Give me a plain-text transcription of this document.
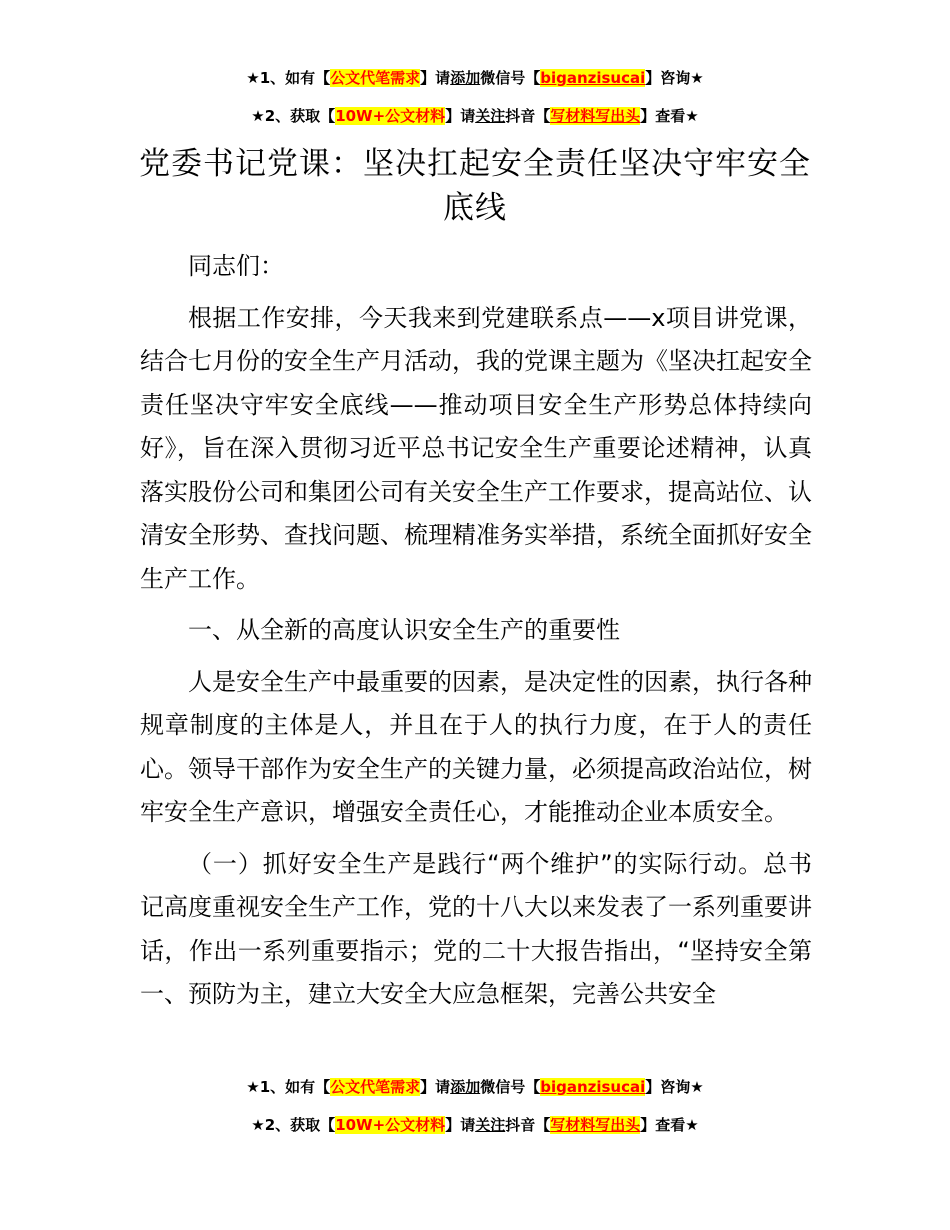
★1、如有【公文代笔需求】请添加微信号【biganzisucai】咨询★
★2、获取【10W+公文材料】请关注抖音【写材料写出头】查看★
党委书记党课：坚决扛起安全责任坚决守牢安全底线

同志们：

根据工作安排，今天我来到党建联系点——x项目讲党课，结合七月份的安全生产月活动，我的党课主题为《坚决扛起安全责任坚决守牢安全底线——推动项目安全生产形势总体持续向好》，旨在深入贯彻习近平总书记安全生产重要论述精神，认真落实股份公司和集团公司有关安全生产工作要求，提高站位、认清安全形势、查找问题、梳理精准务实举措，系统全面抓好安全生产工作。

一、从全新的高度认识安全生产的重要性

人是安全生产中最重要的因素，是决定性的因素，执行各种规章制度的主体是人，并且在于人的执行力度，在于人的责任心。领导干部作为安全生产的关键力量，必须提高政治站位，树牢安全生产意识，增强安全责任心，才能推动企业本质安全。

（一）抓好安全生产是践行“两个维护”的实际行动。总书记高度重视安全生产工作，党的十八大以来发表了一系列重要讲话，作出一系列重要指示；党的二十大报告指出，“坚持安全第一、预防为主，建立大安全大应急框架，完善公共安全

★1、如有【公文代笔需求】请添加微信号【biganzisucai】咨询★
★2、获取【10W+公文材料】请关注抖音【写材料写出头】查看★
